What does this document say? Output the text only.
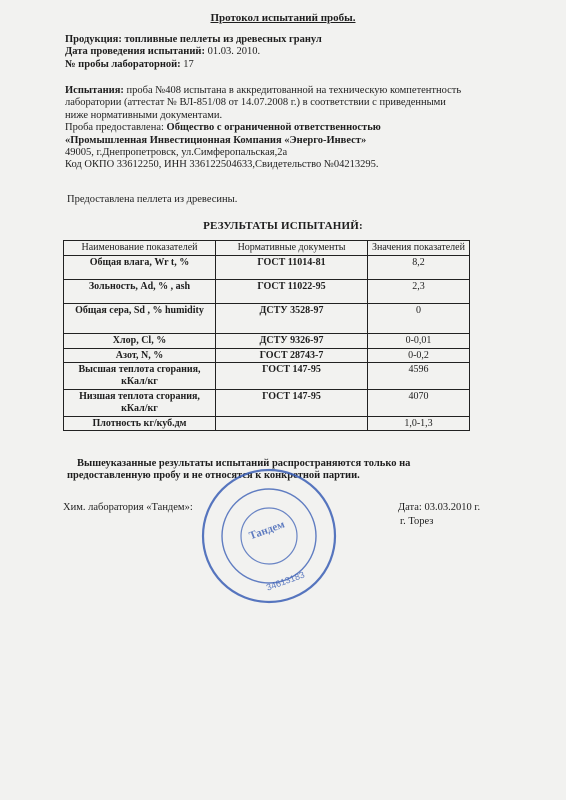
Протокол испытаний пробы.
Продукция: топливные пеллеты из древесных гранул
Дата проведения испытаний: 01.03. 2010.
№ пробы лабораторной: 17
Испытания: проба №408 испытана в аккредитованной на техническую компетентность
лаборатории (аттестат № ВЛ-851/08 от 14.07.2008 г.) в соответствии с приведенными
ниже нормативными документами.
Проба предоставлена: Общество с ограниченной ответственностью
«Промышленная Инвестиционная Компания «Энерго-Инвест»
49005, г.Днепропетровск, ул.Симферопальская,2а
Код ОКПО 33612250, ИНН 336122504633,Свидетельство №04213295.
Предоставлена пеллета из древесины.
РЕЗУЛЬТАТЫ ИСПЫТАНИЙ:
Наименование показателей	Нормативные документы	Значения показателей
Общая влага, Wr t, %	ГОСТ 11014-81	8,2
Зольность, Ad, % , ash	ГОСТ 11022-95	2,3
Общая сера, Sd , % humidity	ДСТУ 3528-97	0
Хлор, Cl, %	ДСТУ 9326-97	0-0,01
Азот, N, %	ГОСТ 28743-7	0-0,2
Высшая теплота сгорания, кКал/кг	ГОСТ 147-95	4596
Низшая теплота сгорания, кКал/кг	ГОСТ 147-95	4070
Плотность кг/куб.дм		1,0-1,3
Вышеуказанные результаты испытаний распространяются только на предоставленную пробу и не относятся к конкретной партии.
Тандем
34613183
Хим. лаборатория «Тандем»:	Дата: 03.03.2010 г.
г. Торез
